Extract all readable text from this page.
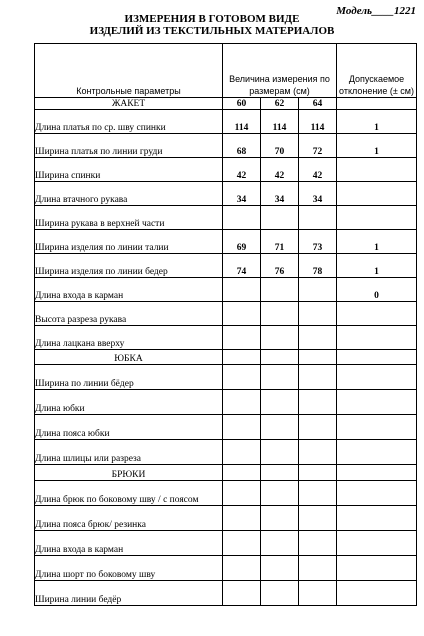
Модель____1221
ИЗМЕРЕНИЯ В ГОТОВОМ ВИДЕ
ИЗДЕЛИЙ ИЗ ТЕКСТИЛЬНЫХ МАТЕРИАЛОВ
Контрольные параметры	Величина измерения по размерам (см)			Допускаемое отклонение (± см)
ЖАКЕТ	60	62	64	
Длина платья по ср. шву спинки	114	114	114	1
Ширина платья по линии груди	68	70	72	1
Ширина спинки	42	42	42	
Длина втачного рукава	34	34	34	
Ширина рукава в верхней части				
Ширина изделия по линии талии	69	71	73	1
Ширина изделия по линии бедер	74	76	78	1
Длина входа в карман				0
Высота разреза рукава				
Длина лацкана вверху				
ЮБКА				
Ширина по линии бёдер				
Длина юбки				
Длина пояса юбки				
Длина шлицы или разреза				
БРЮКИ				
Длина брюк по боковому шву / с поясом				
Длина пояса брюк/ резинка				
Длина входа в карман				
Длина шорт по боковому шву				
Ширина линии бедёр				
